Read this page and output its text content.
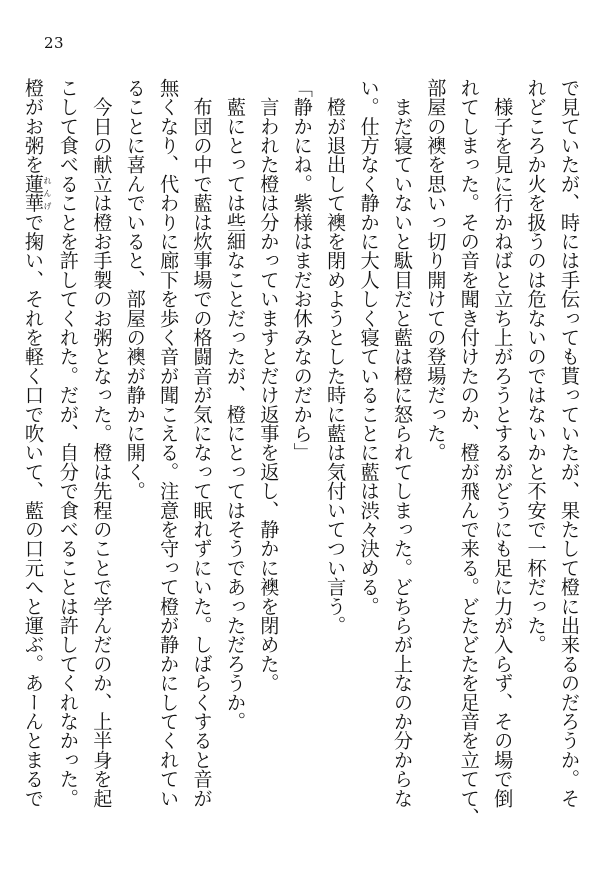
23
で見ていたが、時には手伝っても貰っていたが、果たして橙に出来るのだろうか。そ
れどころか火を扱うのは危ないのではないかと不安で一杯だった。
　様子を見に行かねばと立ち上がろうとするがどうにも足に力が入らず、その場で倒
れてしまった。その音を聞き付けたのか、橙が飛んで来る。どたどたを足音を立てて、
部屋の襖を思いっ切り開けての登場だった。
　まだ寝ていないと駄目だと藍は橙に怒られてしまった。どちらが上なのか分からな
い。仕方なく静かに大人しく寝ていることに藍は渋々決める。
　橙が退出して襖を閉めようとした時に藍は気付いてつい言う。
「静かにね。紫様はまだお休みなのだから」
　言われた橙は分かっていますとだけ返事を返し、静かに襖を閉めた。
　藍にとっては些細なことだったが、橙にとってはそうであっただろうか。
　布団の中で藍は炊事場での格闘音が気になって眠れずにいた。しばらくすると音が
無くなり、代わりに廊下を歩く音が聞こえる。注意を守って橙が静かにしてくれてい
ることに喜んでいると、部屋の襖が静かに開く。
　今日の献立は橙お手製のお粥となった。橙は先程のことで学んだのか、上半身を起
こして食べることを許してくれた。だが、自分で食べることは許してくれなかった。
橙がお粥を蓮華れんげで掬い、それを軽く口で吹いて、藍の口元へと運ぶ。あーんとまるで
